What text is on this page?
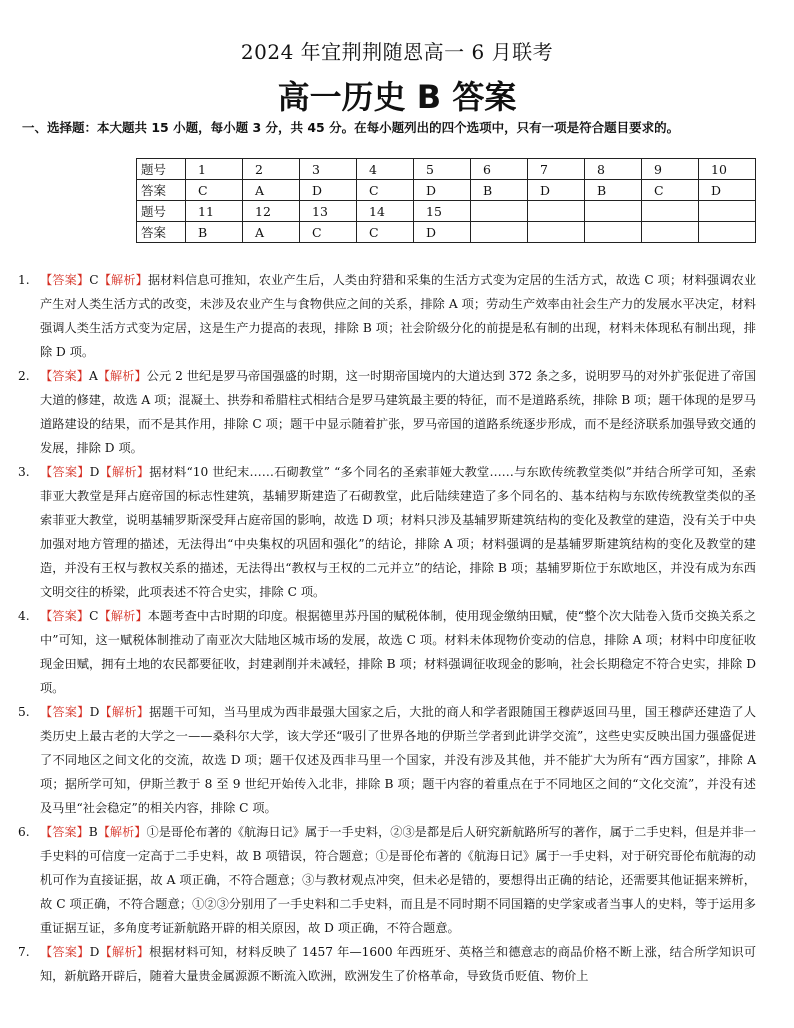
2024 年宜荆荆随恩高一 6 月联考
高一历史 B 答案
一、选择题：本大题共 15 小题，每小题 3 分，共 45 分。在每小题列出的四个选项中，只有一项是符合题目要求的。
题号	1	2	3	4	5	6	7	8	9	10
答案	C	A	D	C	D	B	D	B	C	D
题号	11	12	13	14	15					
答案	B	A	C	C	D					
1. 【答案】C【解析】据材料信息可推知，农业产生后，人类由狩猎和采集的生活方式变为定居的生活方式，故选 C 项；材料强调农业产生对人类生活方式的改变，未涉及农业产生与食物供应之间的关系，排除 A 项；劳动生产效率由社会生产力的发展水平决定，材料强调人类生活方式变为定居，这是生产力提高的表现，排除 B 项；社会阶级分化的前提是私有制的出现，材料未体现私有制出现，排除 D 项。
2. 【答案】A【解析】公元 2 世纪是罗马帝国强盛的时期，这一时期帝国境内的大道达到 372 条之多，说明罗马的对外扩张促进了帝国大道的修建，故选 A 项；混凝土、拱券和希腊柱式相结合是罗马建筑最主要的特征，而不是道路系统，排除 B 项；题干体现的是罗马道路建设的结果，而不是其作用，排除 C 项；题干中显示随着扩张，罗马帝国的道路系统逐步形成，而不是经济联系加强导致交通的发展，排除 D 项。
3. 【答案】D【解析】据材料“10 世纪末……石砌教堂” “多个同名的圣索菲娅大教堂……与东欧传统教堂类似”并结合所学可知，圣索菲亚大教堂是拜占庭帝国的标志性建筑，基辅罗斯建造了石砌教堂，此后陆续建造了多个同名的、基本结构与东欧传统教堂类似的圣索菲亚大教堂，说明基辅罗斯深受拜占庭帝国的影响，故选 D 项；材料只涉及基辅罗斯建筑结构的变化及教堂的建造，没有关于中央加强对地方管理的描述，无法得出“中央集权的巩固和强化”的结论，排除 A 项；材料强调的是基辅罗斯建筑结构的变化及教堂的建造，并没有王权与教权关系的描述，无法得出“教权与王权的二元并立”的结论，排除 B 项；基辅罗斯位于东欧地区，并没有成为东西文明交往的桥梁，此项表述不符合史实，排除 C 项。
4. 【答案】C【解析】本题考查中古时期的印度。根据德里苏丹国的赋税体制，使用现金缴纳田赋，使“整个次大陆卷入货币交换关系之中”可知，这一赋税体制推动了南亚次大陆地区城市场的发展，故选 C 项。材料未体现物价变动的信息，排除 A 项；材料中印度征收现金田赋，拥有土地的农民都要征收，封建剥削并未减轻，排除 B 项；材料强调征收现金的影响，社会长期稳定不符合史实，排除 D 项。
5. 【答案】D【解析】据题干可知，当马里成为西非最强大国家之后，大批的商人和学者跟随国王穆萨返回马里，国王穆萨还建造了人类历史上最古老的大学之一——桑科尔大学，该大学还“吸引了世界各地的伊斯兰学者到此讲学交流”，这些史实反映出国力强盛促进了不同地区之间文化的交流，故选 D 项；题干仅述及西非马里一个国家，并没有涉及其他，并不能扩大为所有“西方国家”，排除 A 项；据所学可知，伊斯兰教于 8 至 9 世纪开始传入北非，排除 B 项；题干内容的着重点在于不同地区之间的“文化交流”，并没有述及马里“社会稳定”的相关内容，排除 C 项。
6. 【答案】B【解析】①是哥伦布著的《航海日记》属于一手史料，②③是都是后人研究新航路所写的著作，属于二手史料，但是并非一手史料的可信度一定高于二手史料，故 B 项错误，符合题意；①是哥伦布著的《航海日记》属于一手史料，对于研究哥伦布航海的动机可作为直接证据，故 A 项正确，不符合题意；③与教材观点冲突，但未必是错的，要想得出正确的结论，还需要其他证据来辨析，故 C 项正确，不符合题意；①②③分别用了一手史料和二手史料，而且是不同时期不同国籍的史学家或者当事人的史料，等于运用多重证据互证，多角度考证新航路开辟的相关原因，故 D 项正确，不符合题意。
7. 【答案】D【解析】根据材料可知，材料反映了 1457 年—1600 年西班牙、英格兰和德意志的商品价格不断上涨，结合所学知识可知，新航路开辟后，随着大量贵金属源源不断流入欧洲，欧洲发生了价格革命，导致货币贬值、物价上
